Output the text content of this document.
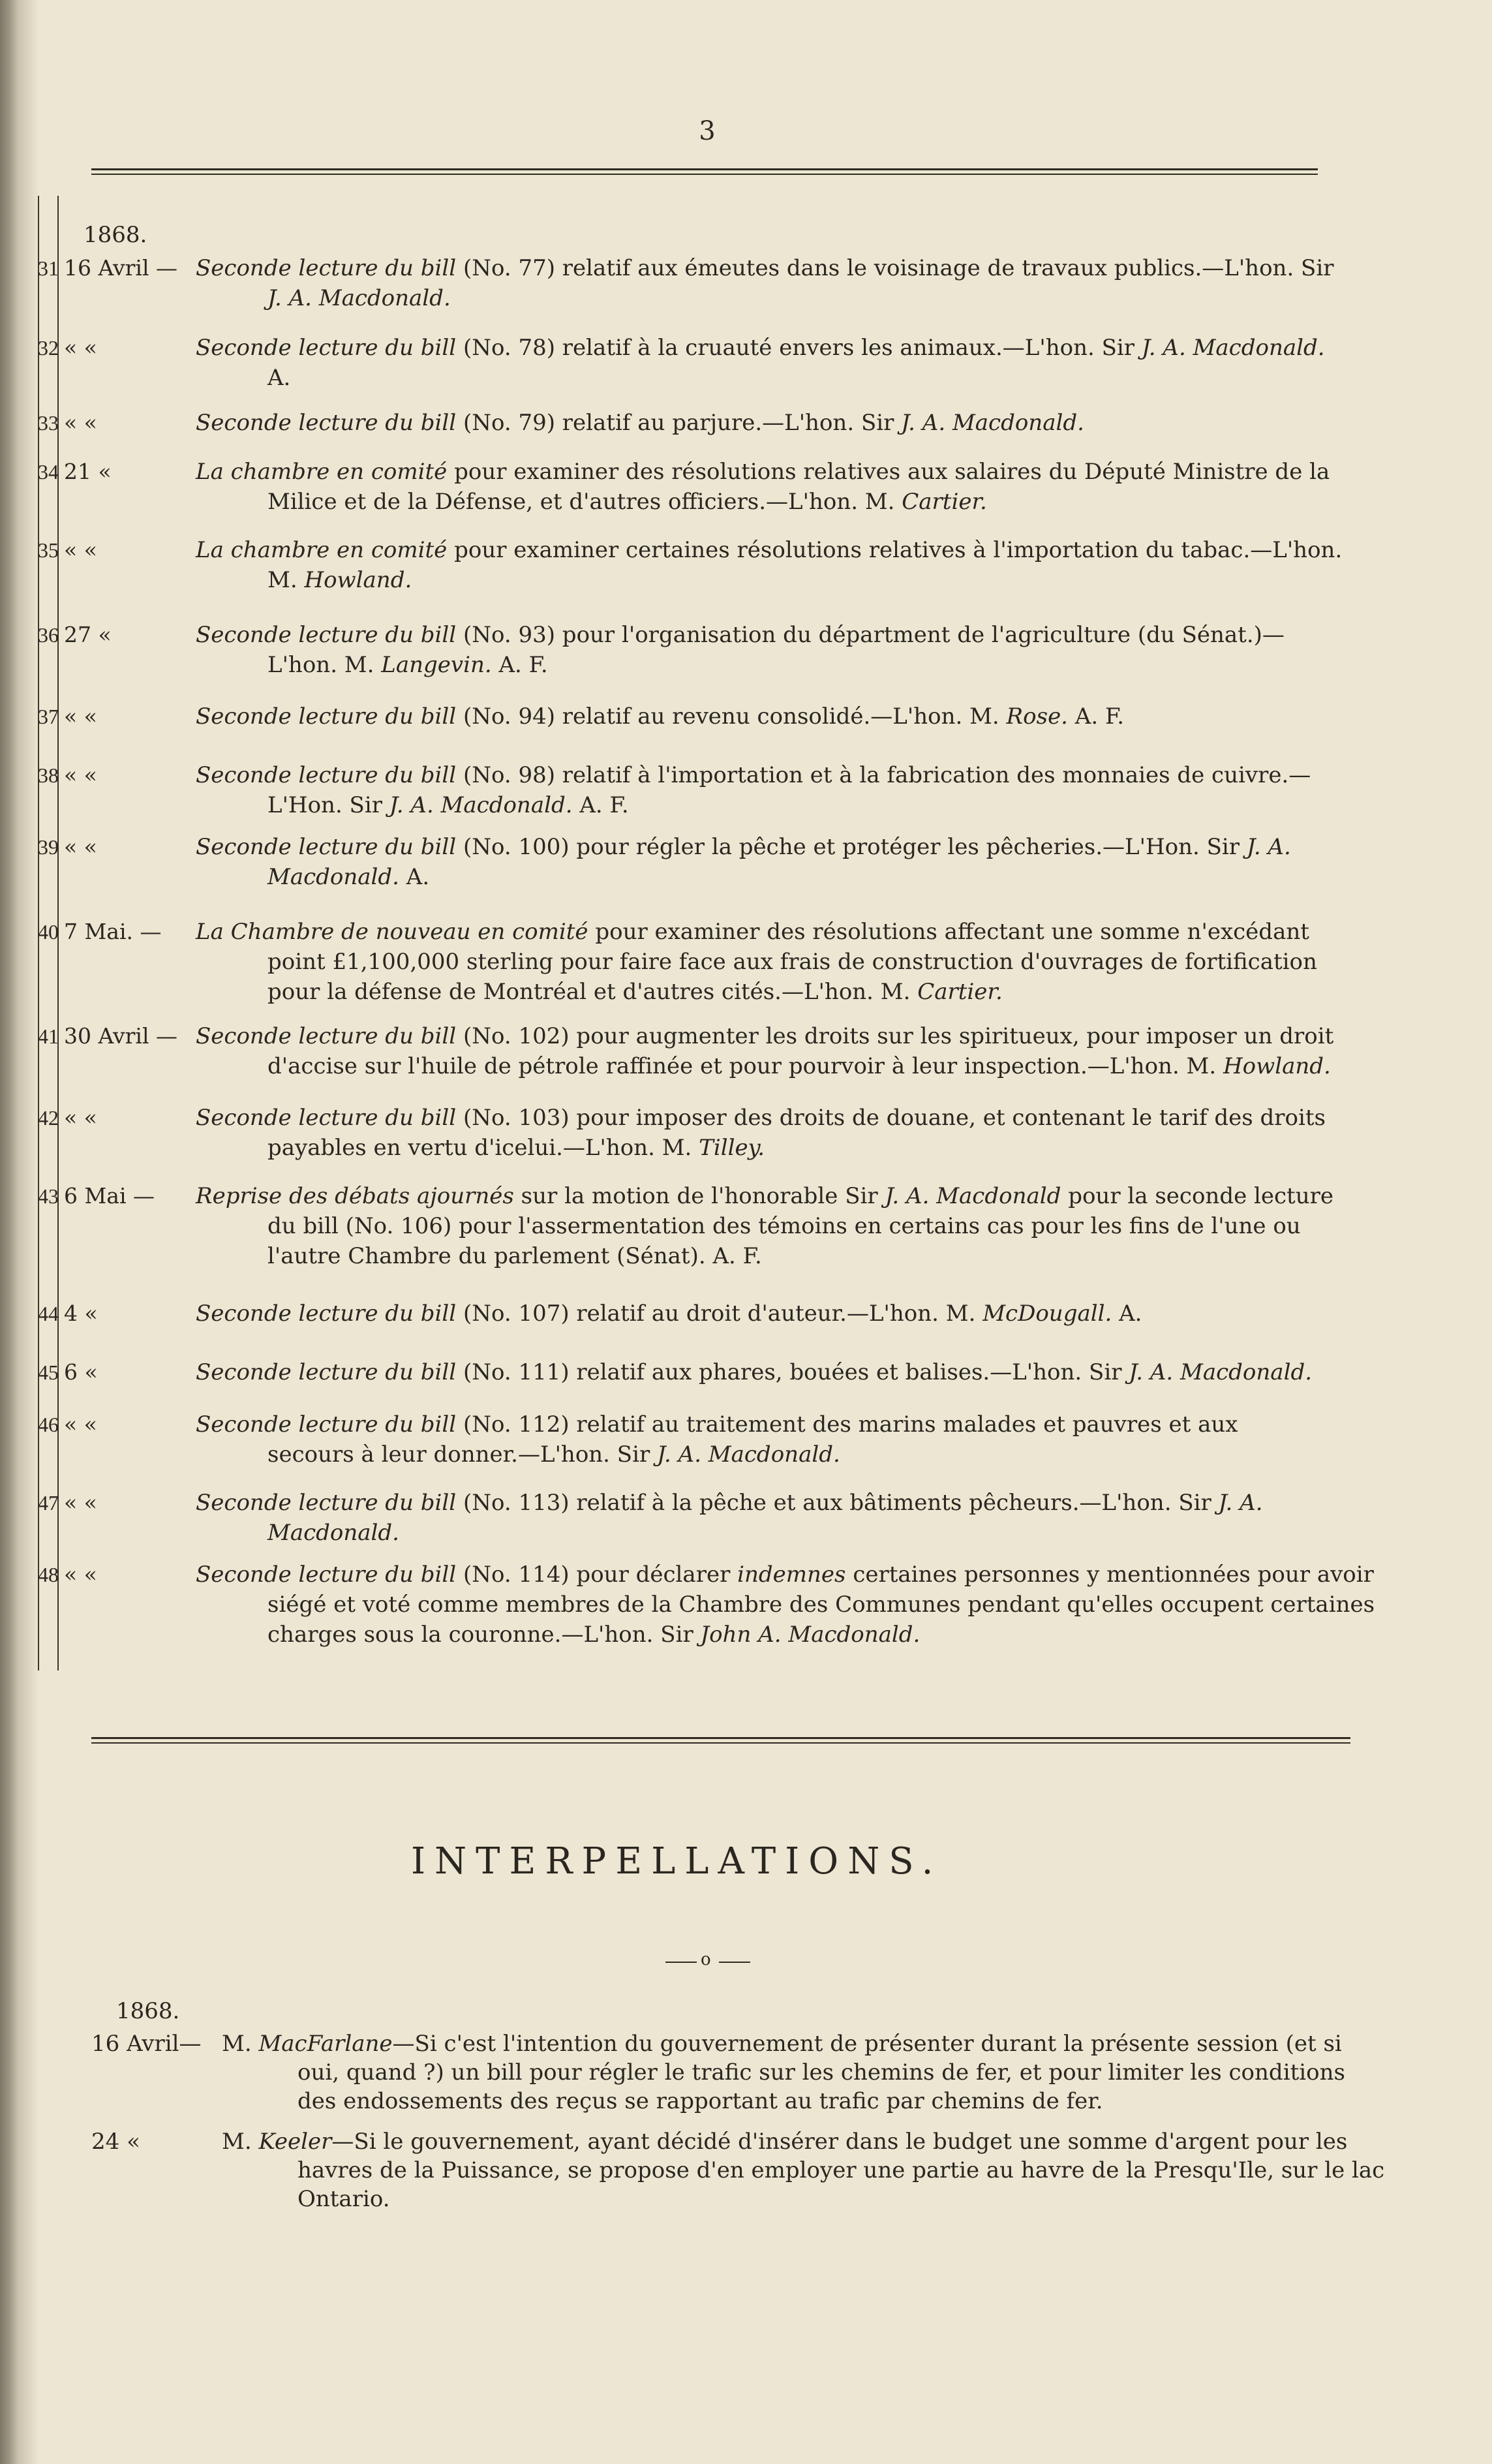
3
1868.
31 16 Avril — Seconde lecture du bill (No. 77) relatif aux émeutes dans le voisinage de travaux publics.—L'hon. Sir
J. A. Macdonald.
32 « «	Seconde lecture du bill (No. 78) relatif à la cruauté envers les animaux.—L'hon. Sir J. A. Macdonald.
A.
33 « «	Seconde lecture du bill (No. 79) relatif au parjure.—L'hon. Sir J. A. Macdonald.
34 21 «	La chambre en comité pour examiner des résolutions relatives aux salaires du Député Ministre de la
Milice et de la Défense, et d'autres officiers.—L'hon. M. Cartier.
35 « «	La chambre en comité pour examiner certaines résolutions relatives à l'importation du tabac.—L'hon.
M. Howland.
36 27 «	Seconde lecture du bill (No. 93) pour l'organisation du départment de l'agriculture (du Sénat.)—
L'hon. M. Langevin. A. F.
37 « «	Seconde lecture du bill (No. 94) relatif au revenu consolidé.—L'hon. M. Rose. A. F.
38 « «	Seconde lecture du bill (No. 98) relatif à l'importation et à la fabrication des monnaies de cuivre.—
L'Hon. Sir J. A. Macdonald. A. F.
39 « «	Seconde lecture du bill (No. 100) pour régler la pêche et protéger les pêcheries.—L'Hon. Sir J. A.
Macdonald. A.
40 7 Mai. —	La Chambre de nouveau en comité pour examiner des résolutions affectant une somme n'excédant
point £1,100,000 sterling pour faire face aux frais de construction d'ouvrages de fortification
pour la défense de Montréal et d'autres cités.—L'hon. M. Cartier.
41 30 Avril — Seconde lecture du bill (No. 102) pour augmenter les droits sur les spiritueux, pour imposer un droit
d'accise sur l'huile de pétrole raffinée et pour pourvoir à leur inspection.—L'hon. M. Howland.
42 « «	Seconde lecture du bill (No. 103) pour imposer des droits de douane, et contenant le tarif des droits
payables en vertu d'icelui.—L'hon. M. Tilley.
43 6 Mai —	Reprise des débats ajournés sur la motion de l'honorable Sir J. A. Macdonald pour la seconde lecture
du bill (No. 106) pour l'assermentation des témoins en certains cas pour les fins de l'une ou
l'autre Chambre du parlement (Sénat). A. F.
44 4 «	Seconde lecture du bill (No. 107) relatif au droit d'auteur.—L'hon. M. McDougall. A.
45 6 «	Seconde lecture du bill (No. 111) relatif aux phares, bouées et balises.—L'hon. Sir J. A. Macdonald.
46 « «	Seconde lecture du bill (No. 112) relatif au traitement des marins malades et pauvres et aux
secours à leur donner.—L'hon. Sir J. A. Macdonald.
47 « «	Seconde lecture du bill (No. 113) relatif à la pêche et aux bâtiments pêcheurs.—L'hon. Sir J. A.
Macdonald.
48 « «	Seconde lecture du bill (No. 114) pour déclarer indemnes certaines personnes y mentionnées pour avoir
siégé et voté comme membres de la Chambre des Communes pendant qu'elles occupent certaines
charges sous la couronne.—L'hon. Sir John A. Macdonald.
INTERPELLATIONS.
o
1868.
16 Avril— M. MacFarlane—Si c'est l'intention du gouvernement de présenter durant la présente session (et si
oui, quand ?) un bill pour régler le trafic sur les chemins de fer, et pour limiter les conditions
des endossements des reçus se rapportant au trafic par chemins de fer.
24 «	M. Keeler—Si le gouvernement, ayant décidé d'insérer dans le budget une somme d'argent pour les
havres de la Puissance, se propose d'en employer une partie au havre de la Presqu'Ile, sur le lac
Ontario.
